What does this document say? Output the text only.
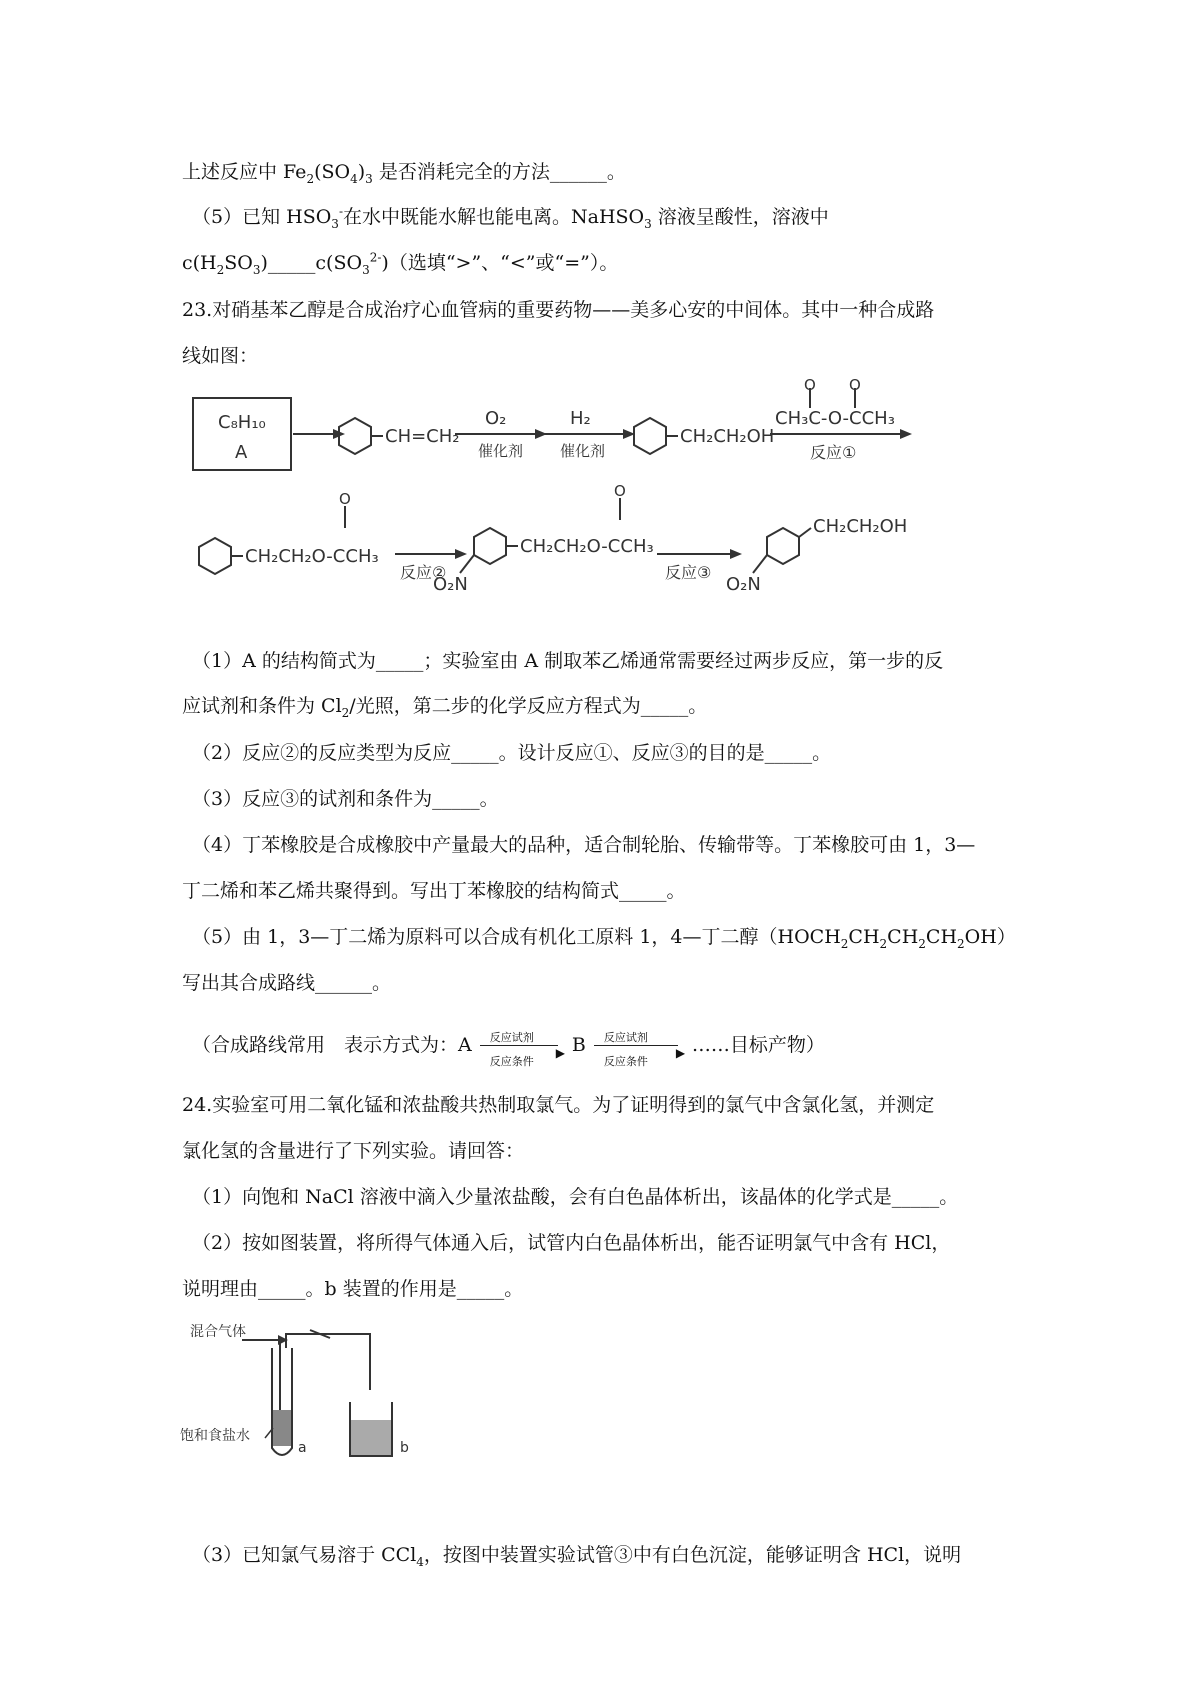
上述反应中 $Fe_2(SO_4)_3$ 是否消耗完全的方法______。
（5）已知 $HSO_3^-$在水中既能水解也能电离。NaHSO$_3$ 溶液呈酸性，溶液中
$c(H_2SO_3)\_\_\_\_\_c(SO_3^{2-})$（选填“>”、“<”或“=”）。
23.对硝基苯乙醇是合成治疗心血管病的重要药物——美多心安的中间体。其中一种合成路
线如图：
C₈H₁₀
A
CH=CH₂
O₂
催化剂
H₂
催化剂
CH₂CH₂OH
O O
CH₃C-O-CCH₃
反应①
O
CH₂CH₂O-CCH₃
反应②
O
CH₂CH₂O-CCH₃
O₂N
反应③
CH₂CH₂OH
O₂N
（1）A 的结构简式为_____；实验室由 A 制取苯乙烯通常需要经过两步反应，第一步的反
应试剂和条件为 $Cl_2/$光照，第二步的化学反应方程式为_____。
（2）反应②的反应类型为反应_____。设计反应①、反应③的目的是_____。
（3）反应③的试剂和条件为_____。
（4）丁苯橡胶是合成橡胶中产量最大的品种，适合制轮胎、传输带等。丁苯橡胶可由 1，3—
丁二烯和苯乙烯共聚得到。写出丁苯橡胶的结构简式_____。
（5）由 1，3—丁二烯为原料可以合成有机化工原料 1，4—丁二醇$(HOCH_2CH_2CH_2CH_2OH)$
写出其合成路线______。
（合成路线常用　表示方式为：A 反应试剂
▶
反应条件
B 反应试剂
▶
反应条件
……目标产物）
24.实验室可用二氧化锰和浓盐酸共热制取氯气。为了证明得到的氯气中含氯化氢，并测定
氯化氢的含量进行了下列实验。请回答：
（1）向饱和 NaCl 溶液中滴入少量浓盐酸，会有白色晶体析出，该晶体的化学式是_____。
（2）按如图装置，将所得气体通入后，试管内白色晶体析出，能否证明氯气中含有 HCl，
说明理由_____。b 装置的作用是_____。
混合气体
饱和食盐水
a	b
（3）已知氯气易溶于 CCl$_4$，按图中装置实验试管③中有白色沉淀，能够证明含 HCl，说明
